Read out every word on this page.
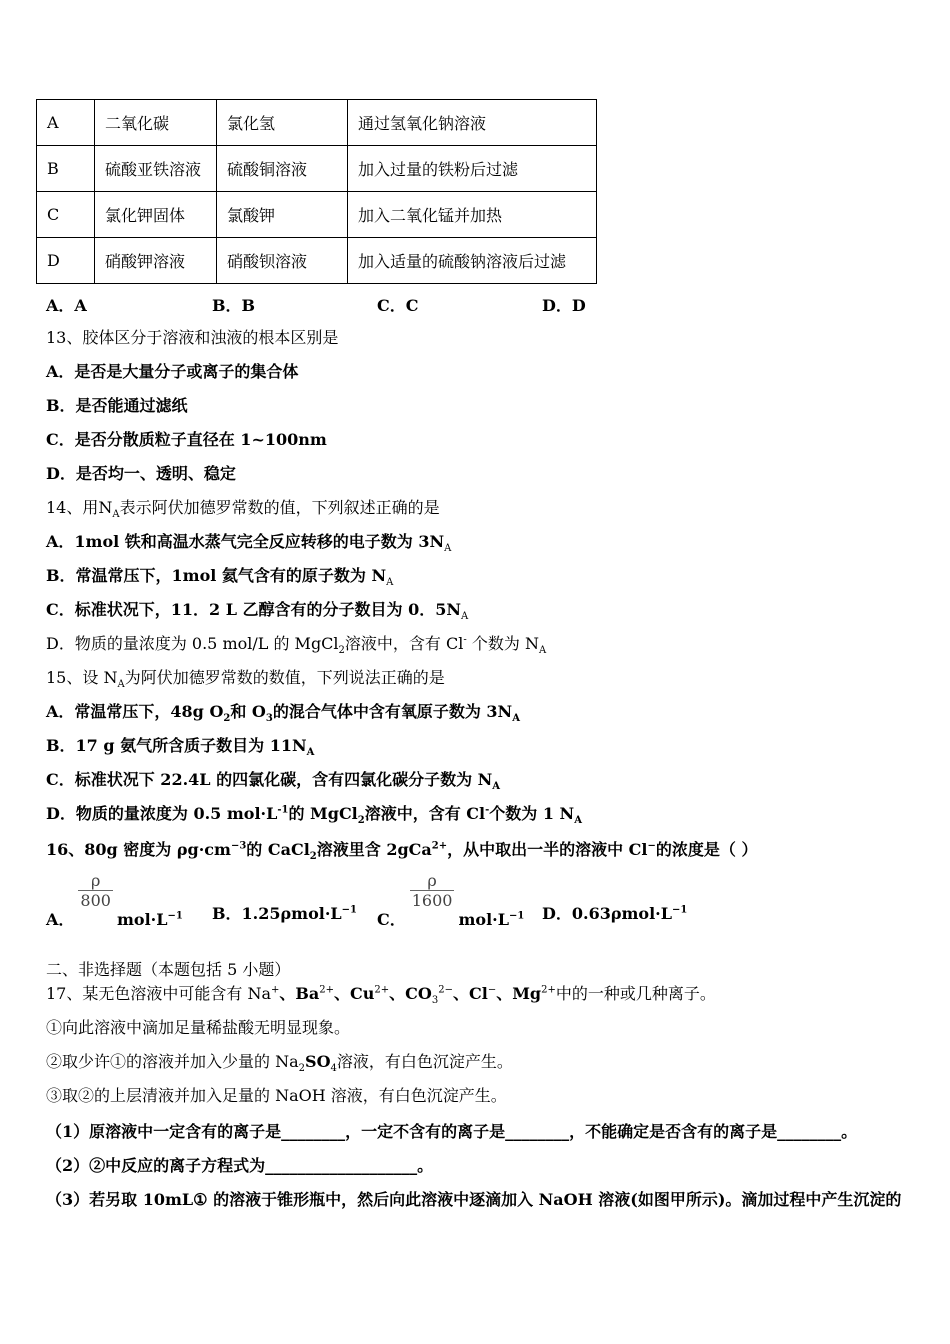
A	二氧化碳	氯化氢	通过氢氧化钠溶液
B	硫酸亚铁溶液	硫酸铜溶液	加入过量的铁粉后过滤
C	氯化钾固体	氯酸钾	加入二氧化锰并加热
D	硝酸钾溶液	硝酸钡溶液	加入适量的硫酸钠溶液后过滤
A．A	B．B	C．C	D．D
13、胶体区分于溶液和浊液的根本区别是
A．是否是大量分子或离子的集合体
B．是否能通过滤纸
C．是否分散质粒子直径在 1~100nm
D．是否均一、透明、稳定
14、用$N_A$表示阿伏加德罗常数的值，下列叙述正确的是
A．1mol 铁和高温水蒸气完全反应转移的电子数为 $3N_A$
B．常温常压下，1mol 氦气含有的原子数为 $N_A$
C．标准状况下，11．2 L 乙醇含有的分子数目为 0．$5N_A$
D．物质的量浓度为 0.5 mol/L 的 MgCl$_2$溶液中，含有 Cl- 个数为 $N_A$
15、设 $N_A$为阿伏加德罗常数的数值，下列说法正确的是
A．常温常压下，48g $O_2$和 $O_3$的混合气体中含有氧原子数为 $3N_A$
B．17 g 氨气所含质子数目为 $11N_A$
C．标准状况下 22.4L 的四氯化碳，含有四氯化碳分子数为 $N_A$
D．物质的量浓度为 0.5 $mol\cdot L^{-1}$的 MgCl$_2$溶液中，含有 Cl-个数为 1 $N_A$
16、80g 密度为 $\rho g\cdot cm^{-3}$的 CaCl$_2$溶液里含 2gCa$^{2+}$，从中取出一半的溶液中 Cl−的浓度是（ ）
A．
$\frac{\rho}{800}$
$mol\cdot L^{-1}$ B．$1.25\rho mol\cdot L^{-1}$ C．
$\frac{\rho}{1600}$
$mol\cdot L^{-1}$ D．$0.63\rho mol\cdot L^{-1}$
二、非选择题（本题包括 5 小题）
17、某无色溶液中可能含有 Na+、$Ba^{2+}$、$Cu^{2+}$、$CO_3^{2-}$、Cl−、$Mg^{2+}$中的一种或几种离子。
①向此溶液中滴加足量稀盐酸无明显现象。
②取少许①的溶液并加入少量的 $Na_2SO_4$溶液，有白色沉淀产生。
③取②的上层清液并加入足量的 NaOH 溶液，有白色沉淀产生。
（1）原溶液中一定含有的离子是________，一定不含有的离子是________，不能确定是否含有的离子是________。
（2）②中反应的离子方程式为___________________。
（3）若另取 10mL① 的溶液于锥形瓶中，然后向此溶液中逐滴加入 NaOH 溶液(如图甲所示)。滴加过程中产生沉淀的
